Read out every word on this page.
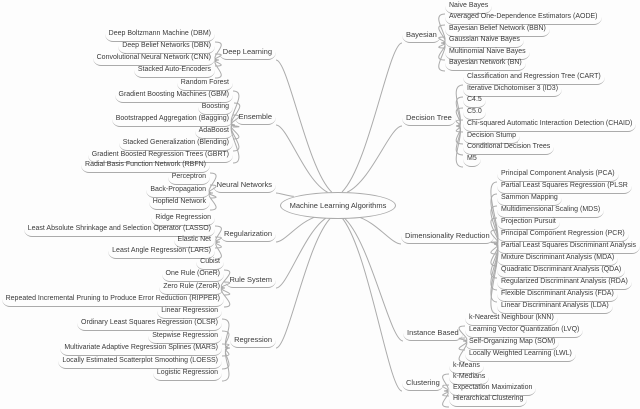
Machine Learning Algorithms
Deep Learning
Deep Boltzmann Machine (DBM)
Deep Belief Networks (DBN)
Convolutional Neural Network (CNN)
Stacked Auto-Encoders
Ensemble
Random Forest
Gradient Boosting Machines (GBM)
Boosting
Bootstrapped Aggregation (Bagging)
AdaBoost
Stacked Generalization (Blending)
Gradient Boosted Regression Trees (GBRT)
Neural Networks
Radial Basis Function Network (RBFN)
Perceptron
Back-Propagation
Hopfield Network
Regularization
Ridge Regression
Least Absolute Shrinkage and Selection Operator (LASSO)
Elastic Net
Least Angle Regression (LARS)
Rule System
Cubist
One Rule (OneR)
Zero Rule (ZeroR)
Repeated Incremental Pruning to Produce Error Reduction (RIPPER)
Regression
Linear Regression
Ordinary Least Squares Regression (OLSR)
Stepwise Regression
Multivariate Adaptive Regression Splines (MARS)
Locally Estimated Scatterplot Smoothing (LOESS)
Logistic Regression
Bayesian
Naive Bayes
Averaged One-Dependence Estimators (AODE)
Bayesian Belief Network (BBN)
Gaussian Naive Bayes
Multinomial Naive Bayes
Bayesian Network (BN)
Decision Tree
Classification and Regression Tree (CART)
Iterative Dichotomiser 3 (ID3)
C4.5
C5.0
Chi-squared Automatic Interaction Detection (CHAID)
Decision Stump
Conditional Decision Trees
M5
Dimensionality Reduction
Principal Component Analysis (PCA)
Partial Least Squares Regression (PLSR
Sammon Mapping
Multidimensional Scaling (MDS)
Projection Pursuit
Principal Component Regression (PCR)
Partial Least Squares Discriminant Analysis
Mixture Discriminant Analysis (MDA)
Quadratic Discriminant Analysis (QDA)
Regularized Discriminant Analysis (RDA)
Flexible Discriminant Analysis (FDA)
Linear Discriminant Analysis (LDA)
Instance Based
k-Nearest Neighbour (kNN)
Learning Vector Quantization (LVQ)
Self-Organizing Map (SOM)
Locally Weighted Learning (LWL)
Clustering
k-Means
k-Medians
Expectation Maximization
Hierarchical Clustering
